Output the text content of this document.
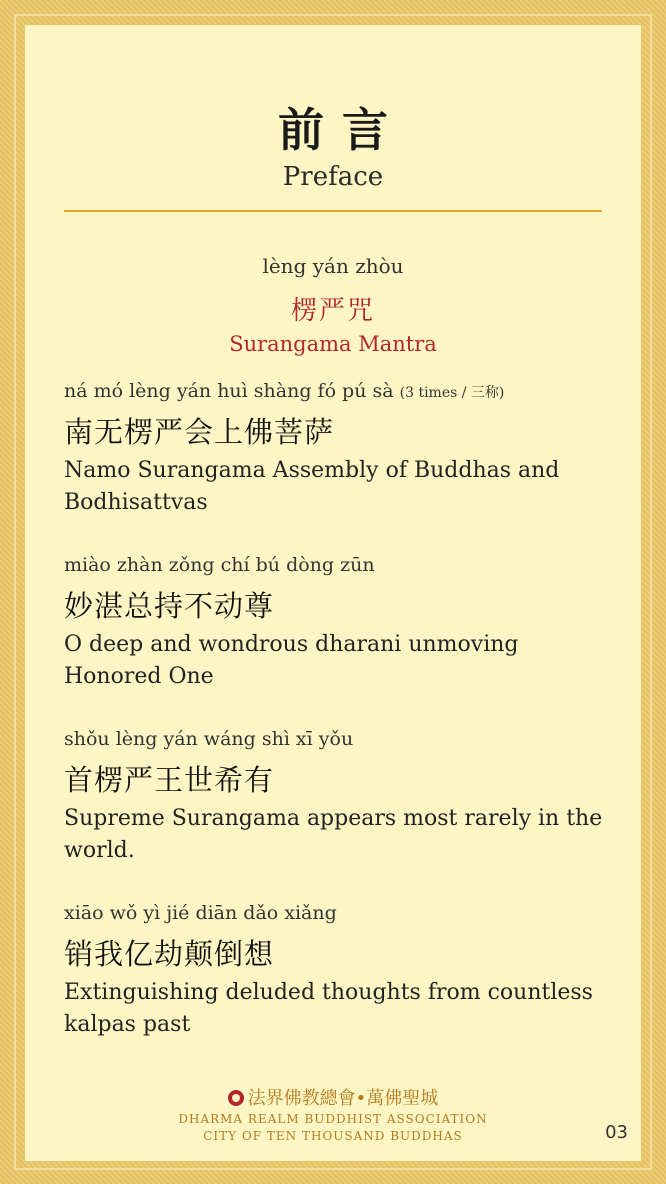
前言
Preface
lèng yán zhòu
楞严咒
Surangama Mantra
ná mó lèng yán huì shàng fó pú sà (3 times / 三称)
南无楞严会上佛菩萨
Namo Surangama Assembly of Buddhas and Bodhisattvas
miào zhàn zǒng chí bú dòng zūn
妙湛总持不动尊
O deep and wondrous dharani unmoving Honored One
shǒu lèng yán wáng shì xī yǒu
首楞严王世希有
Supreme Surangama appears most rarely in the world.
xiāo wǒ yì jié diān dǎo xiǎng
销我亿劫颠倒想
Extinguishing deluded thoughts from countless kalpas past
法界佛教總會•萬佛聖城
DHARMA REALM BUDDHIST ASSOCIATION
CITY OF TEN THOUSAND BUDDHAS	03
